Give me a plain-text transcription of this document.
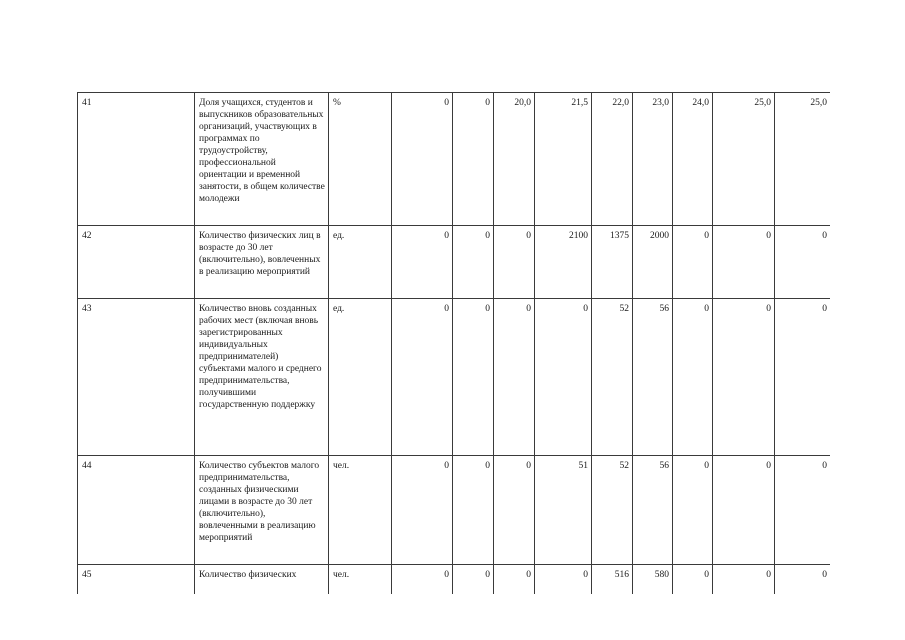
41	Доля учащихся, студентов и выпускников образовательных организаций, участвующих в программах по трудоустройству, профессиональной ориентации и временной занятости, в общем количестве молодежи	%	0	0	20,0	21,5	22,0	23,0	24,0	25,0	25,0
42	Количество физических лиц в возрасте до 30 лет (включительно), вовлеченных в реализацию мероприятий	ед.	0	0	0	2100	1375	2000	0	0	0
43	Количество вновь созданных рабочих мест (включая вновь зарегистрированных индивидуальных предпринимателей) субъектами малого и среднего предпринимательства, получившими государственную поддержку	ед.	0	0	0	0	52	56	0	0	0
44	Количество субъектов малого предпринимательства, созданных физическими лицами в возрасте до 30 лет (включительно), вовлеченными в реализацию мероприятий	чел.	0	0	0	51	52	56	0	0	0
45	Количество физических	чел.	0	0	0	0	516	580	0	0	0
